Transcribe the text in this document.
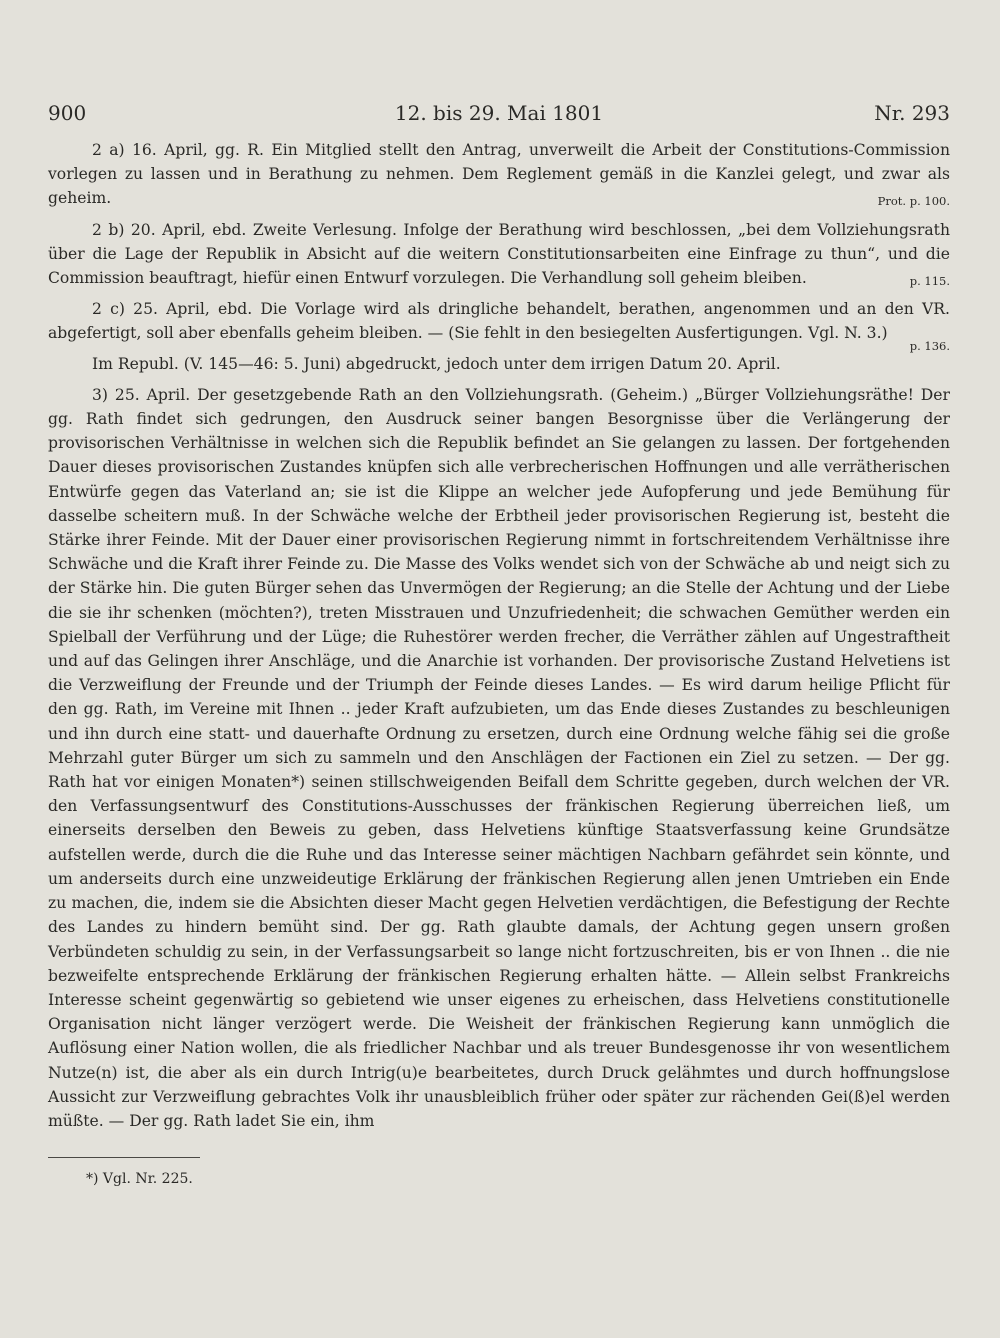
12. bis 29. Mai 1801
900	Nr. 293

2 a) 16. April, gg. R. Ein Mitglied stellt den Antrag, unverweilt die Arbeit der Constitutions-Commission vorlegen zu lassen und in Berathung zu nehmen. Dem Reglement gemäß in die Kanzlei gelegt, und zwar als geheim.	Prot. p. 100.

2 b) 20. April, ebd. Zweite Verlesung. Infolge der Berathung wird beschlossen, „bei dem Vollziehungsrath über die Lage der Republik in Absicht auf die weitern Constitutionsarbeiten eine Einfrage zu thun“, und die Commission beauftragt, hiefür einen Entwurf vorzulegen. Die Verhandlung soll geheim bleiben.	p. 115.

2 c) 25. April, ebd. Die Vorlage wird als dringliche behandelt, berathen, angenommen und an den VR. abgefertigt, soll aber ebenfalls geheim bleiben. — (Sie fehlt in den besiegelten Ausfertigungen. Vgl. N. 3.)

p. 136.

Im Republ. (V. 145—46: 5. Juni) abgedruckt, jedoch unter dem irrigen Datum 20. April.

3) 25. April. Der gesetzgebende Rath an den Vollziehungsrath. (Geheim.) „Bürger Vollziehungsräthe! Der gg. Rath findet sich gedrungen, den Ausdruck seiner bangen Besorgnisse über die Verlängerung der provisorischen Verhältnisse in welchen sich die Republik befindet an Sie gelangen zu lassen. Der fortgehenden Dauer dieses provisorischen Zustandes knüpfen sich alle verbrecherischen Hoffnungen und alle verrätherischen Entwürfe gegen das Vaterland an; sie ist die Klippe an welcher jede Aufopferung und jede Bemühung für dasselbe scheitern muß. In der Schwäche welche der Erbtheil jeder provisorischen Regierung ist, besteht die Stärke ihrer Feinde. Mit der Dauer einer provisorischen Regierung nimmt in fortschreitendem Verhältnisse ihre Schwäche und die Kraft ihrer Feinde zu. Die Masse des Volks wendet sich von der Schwäche ab und neigt sich zu der Stärke hin. Die guten Bürger sehen das Unvermögen der Regierung; an die Stelle der Achtung und der Liebe die sie ihr schenken (möchten?), treten Misstrauen und Unzufriedenheit; die schwachen Gemüther werden ein Spielball der Verführung und der Lüge; die Ruhestörer werden frecher, die Verräther zählen auf Ungestraftheit und auf das Gelingen ihrer Anschläge, und die Anarchie ist vorhanden. Der provisorische Zustand Helvetiens ist die Verzweiflung der Freunde und der Triumph der Feinde dieses Landes. — Es wird darum heilige Pflicht für den gg. Rath, im Vereine mit Ihnen .. jeder Kraft aufzubieten, um das Ende dieses Zustandes zu beschleunigen und ihn durch eine statt- und dauerhafte Ordnung zu ersetzen, durch eine Ordnung welche fähig sei die große Mehrzahl guter Bürger um sich zu sammeln und den Anschlägen der Factionen ein Ziel zu setzen. — Der gg. Rath hat vor einigen Monaten*) seinen stillschweigenden Beifall dem Schritte gegeben, durch welchen der VR. den Verfassungsentwurf des Constitutions-Ausschusses der fränkischen Regierung überreichen ließ, um einerseits derselben den Beweis zu geben, dass Helvetiens künftige Staatsverfassung keine Grundsätze aufstellen werde, durch die die Ruhe und das Interesse seiner mächtigen Nachbarn gefährdet sein könnte, und um anderseits durch eine unzweideutige Erklärung der fränkischen Regierung allen jenen Umtrieben ein Ende zu machen, die, indem sie die Absichten dieser Macht gegen Helvetien verdächtigen, die Befestigung der Rechte des Landes zu hindern bemüht sind. Der gg. Rath glaubte damals, der Achtung gegen unsern großen Verbündeten schuldig zu sein, in der Verfassungsarbeit so lange nicht fortzuschreiten, bis er von Ihnen .. die nie bezweifelte entsprechende Erklärung der fränkischen Regierung erhalten hätte. — Allein selbst Frankreichs Interesse scheint gegenwärtig so gebietend wie unser eigenes zu erheischen, dass Helvetiens constitutionelle Organisation nicht länger verzögert werde. Die Weisheit der fränkischen Regierung kann unmöglich die Auflösung einer Nation wollen, die als friedlicher Nachbar und als treuer Bundesgenosse ihr von wesentlichem Nutze(n) ist, die aber als ein durch Intrig(u)e bearbeitetes, durch Druck gelähmtes und durch hoffnungslose Aussicht zur Verzweiflung gebrachtes Volk ihr unausbleiblich früher oder später zur rächenden Gei(ß)el werden müßte. — Der gg. Rath ladet Sie ein, ihm

*) Vgl. Nr. 225.
